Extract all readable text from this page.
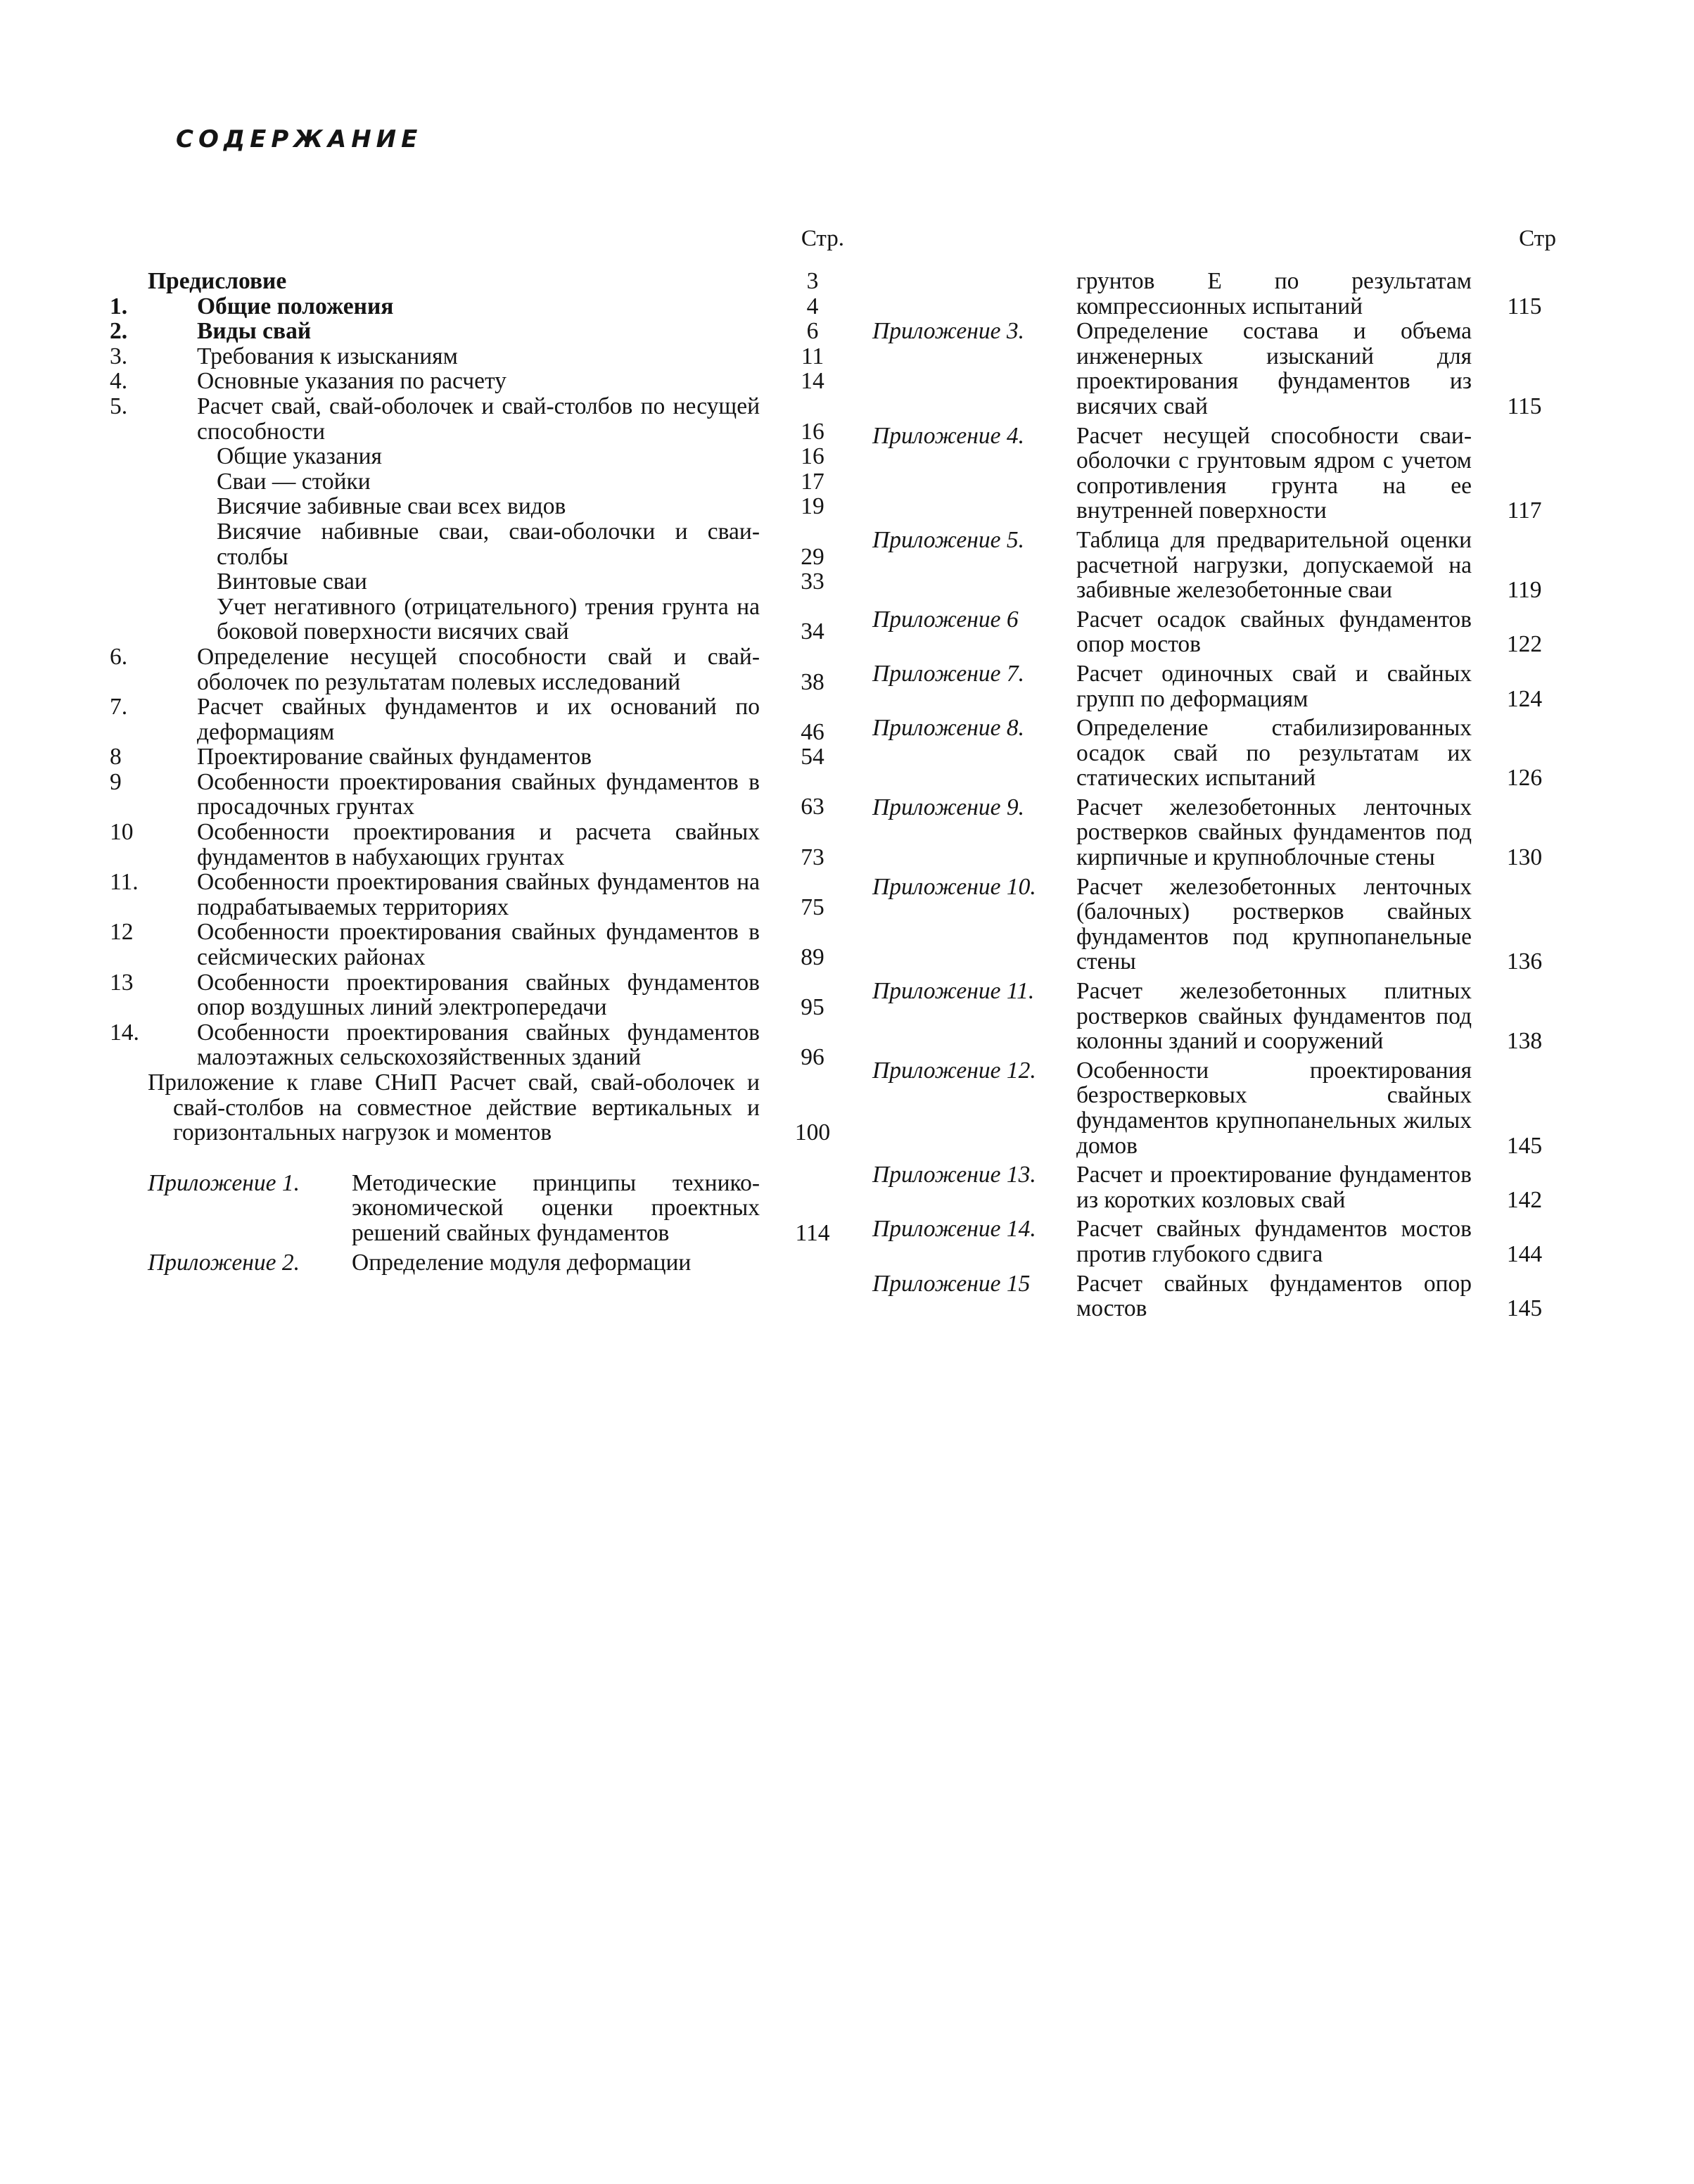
СОДЕРЖАНИЕ
Стр.
Предисловие	3
1.	Общие положения	4
2.	Виды свай	6
3.	Требования к изысканиям	11
4.	Основные указания по расчету	14
5.	Расчет свай, свай-оболочек и свай-столбов по несущей способности	16
Общие указания	16
Сваи — стойки	17
Висячие забивные сваи всех видов	19
Висячие набивные сваи, сваи-оболочки и сваи-столбы	29
Винтовые сваи	33
Учет негативного (отрицательного) трения грунта на боковой поверхности висячих свай	34
6.	Определение несущей способности свай и свай-оболочек по результатам полевых исследований	38
7.	Расчет свайных фундаментов и их оснований по деформациям	46
8	Проектирование свайных фундаментов	54
9	Особенности проектирования свайных фундаментов в просадочных грунтах	63
10	Особенности проектирования и расчета свайных фундаментов в набухающих грунтах	73
11. Особенности проектирования свайных фундаментов на подрабатываемых территориях	75
12	Особенности проектирования свайных фундаментов в сейсмических районах	89
13	Особенности проектирования свайных фундаментов опор воздушных линий электропередачи	95
14. Особенности проектирования свайных фундаментов малоэтажных сельскохозяйственных зданий	96
Приложение к главе СНиП Расчет свай, свай-оболочек и свай-столбов на совместное действие вертикальных и горизонтальных нагрузок и моментов	100
Приложение 1.	Методические принципы технико-экономической оценки проектных решений свайных фундаментов	114
Приложение 2.	Определение модуля деформации
Стр
грунтов E по результатам компрессионных испытаний	115
Приложение 3.	Определение состава и объема инженерных изысканий для проектирования фундаментов из висячих свай	115
Приложение 4.	Расчет несущей способности сваи-оболочки с грунтовым ядром с учетом сопротивления грунта на ее внутренней поверхности	117
Приложение 5.	Таблица для предварительной оценки расчетной нагрузки, допускаемой на забивные железобетонные сваи	119
Приложение 6	Расчет осадок свайных фундаментов опор мостов	122
Приложение 7.	Расчет одиночных свай и свайных групп по деформациям	124
Приложение 8.	Определение стабилизированных осадок свай по результатам их статических испытаний	126
Приложение 9.	Расчет железобетонных ленточных ростверков свайных фундаментов под кирпичные и крупноблочные стены	130
Приложение 10.	Расчет железобетонных ленточных (балочных) ростверков свайных фундаментов под крупнопанельные стены	136
Приложение 11.	Расчет железобетонных плитных ростверков свайных фундаментов под колонны зданий и сооружений	138
Приложение 12.	Особенности проектирования безростверковых свайных фундаментов крупнопанельных жилых домов	145
Приложение 13.	Расчет и проектирование фундаментов из коротких козловых свай	142
Приложение 14.	Расчет свайных фундаментов мостов против глубокого сдвига	144
Приложение 15	Расчет свайных фундаментов опор мостов	145
